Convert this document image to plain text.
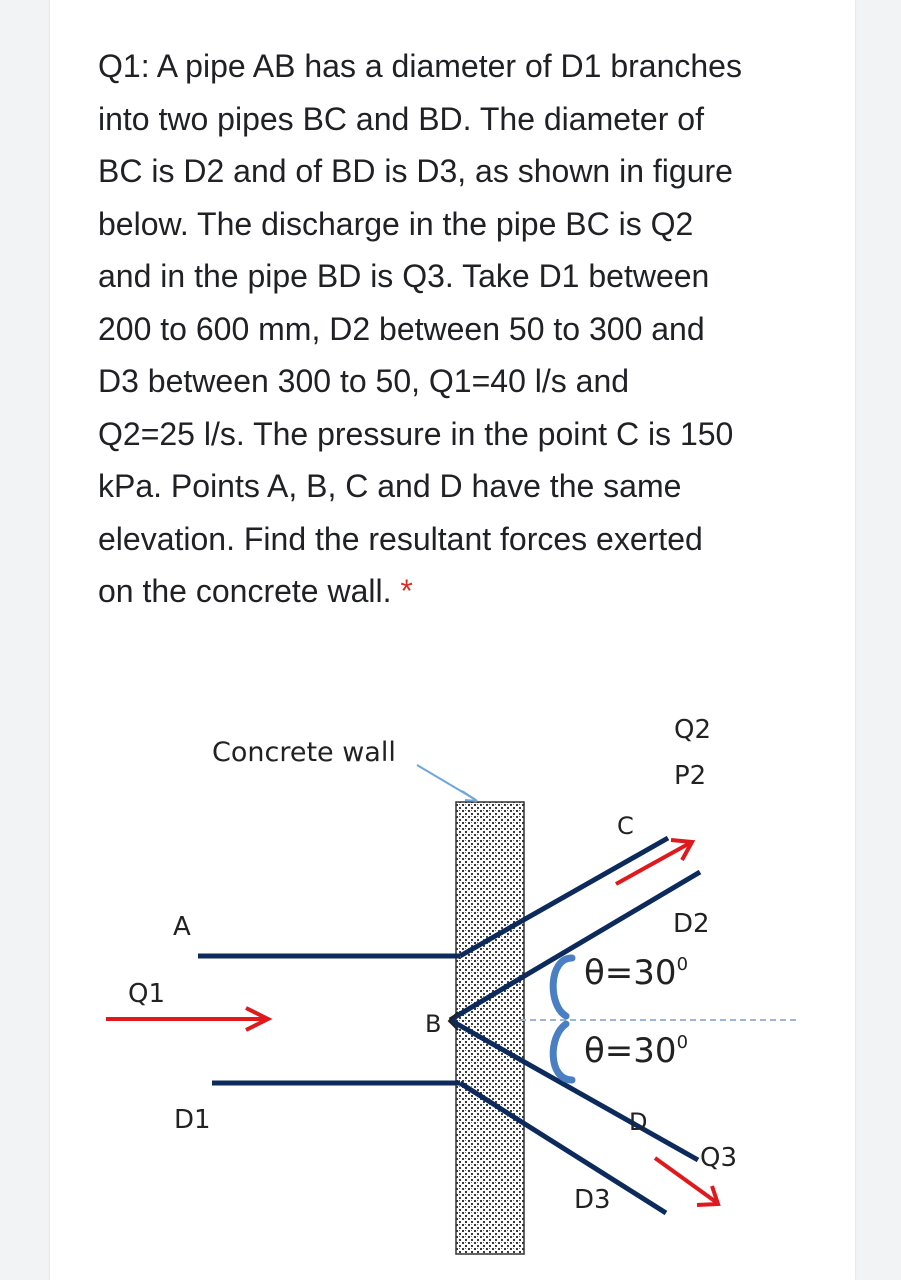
Q1: A pipe AB has a diameter of D1 branches
into two pipes BC and BD. The diameter of
BC is D2 and of BD is D3, as shown in figure
below. The discharge in the pipe BC is Q2
and in the pipe BD is Q3. Take D1 between
200 to 600 mm, D2 between 50 to 300 and
D3 between 300 to 50, Q1=40 l/s and
Q2=25 l/s. The pressure in the point C is 150
kPa. Points A, B, C and D have the same
elevation. Find the resultant forces exerted
on the concrete wall. *

Concrete wall
Q2
P2
C
A	D2
Q1
B
D1	D
Q3
D3
$\theta=30^0$
$\theta=30^0$
